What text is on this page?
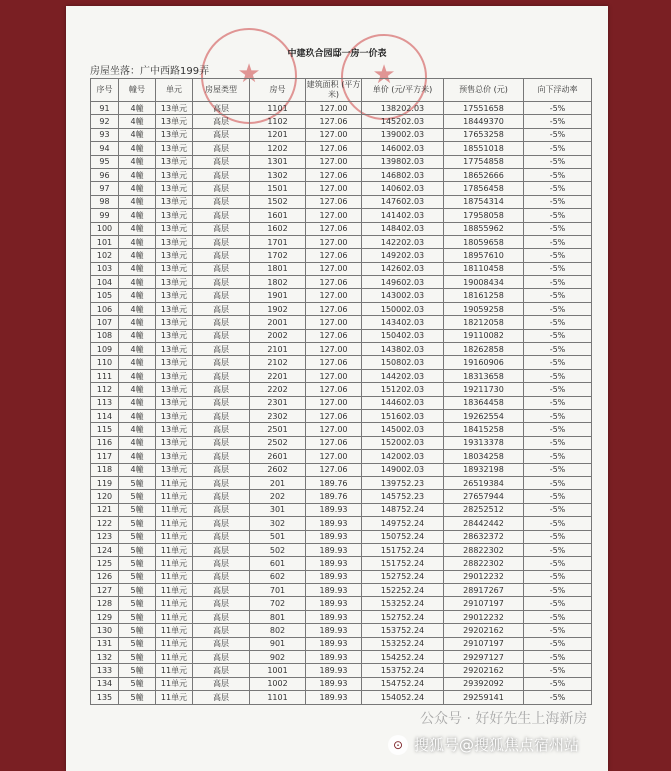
★	★
中建玖合园邸一房一价表
房屋坐落：广中西路199弄
序号	幢号	单元	房屋类型	房号	建筑面积 (平方米)	单价 (元/平方米)	预售总价 (元)	向下浮动率
91	4幢	13单元	高层	1101	127.00	138202.03	17551658	-5%
92	4幢	13单元	高层	1102	127.06	145202.03	18449370	-5%
93	4幢	13单元	高层	1201	127.00	139002.03	17653258	-5%
94	4幢	13单元	高层	1202	127.06	146002.03	18551018	-5%
95	4幢	13单元	高层	1301	127.00	139802.03	17754858	-5%
96	4幢	13单元	高层	1302	127.06	146802.03	18652666	-5%
97	4幢	13单元	高层	1501	127.00	140602.03	17856458	-5%
98	4幢	13单元	高层	1502	127.06	147602.03	18754314	-5%
99	4幢	13单元	高层	1601	127.00	141402.03	17958058	-5%
100	4幢	13单元	高层	1602	127.06	148402.03	18855962	-5%
101	4幢	13单元	高层	1701	127.00	142202.03	18059658	-5%
102	4幢	13单元	高层	1702	127.06	149202.03	18957610	-5%
103	4幢	13单元	高层	1801	127.00	142602.03	18110458	-5%
104	4幢	13单元	高层	1802	127.06	149602.03	19008434	-5%
105	4幢	13单元	高层	1901	127.00	143002.03	18161258	-5%
106	4幢	13单元	高层	1902	127.06	150002.03	19059258	-5%
107	4幢	13单元	高层	2001	127.00	143402.03	18212058	-5%
108	4幢	13单元	高层	2002	127.06	150402.03	19110082	-5%
109	4幢	13单元	高层	2101	127.00	143802.03	18262858	-5%
110	4幢	13单元	高层	2102	127.06	150802.03	19160906	-5%
111	4幢	13单元	高层	2201	127.00	144202.03	18313658	-5%
112	4幢	13单元	高层	2202	127.06	151202.03	19211730	-5%
113	4幢	13单元	高层	2301	127.00	144602.03	18364458	-5%
114	4幢	13单元	高层	2302	127.06	151602.03	19262554	-5%
115	4幢	13单元	高层	2501	127.00	145002.03	18415258	-5%
116	4幢	13单元	高层	2502	127.06	152002.03	19313378	-5%
117	4幢	13单元	高层	2601	127.00	142002.03	18034258	-5%
118	4幢	13单元	高层	2602	127.06	149002.03	18932198	-5%
119	5幢	11单元	高层	201	189.76	139752.23	26519384	-5%
120	5幢	11单元	高层	202	189.76	145752.23	27657944	-5%
121	5幢	11单元	高层	301	189.93	148752.24	28252512	-5%
122	5幢	11单元	高层	302	189.93	149752.24	28442442	-5%
123	5幢	11单元	高层	501	189.93	150752.24	28632372	-5%
124	5幢	11单元	高层	502	189.93	151752.24	28822302	-5%
125	5幢	11单元	高层	601	189.93	151752.24	28822302	-5%
126	5幢	11单元	高层	602	189.93	152752.24	29012232	-5%
127	5幢	11单元	高层	701	189.93	152252.24	28917267	-5%
128	5幢	11单元	高层	702	189.93	153252.24	29107197	-5%
129	5幢	11单元	高层	801	189.93	152752.24	29012232	-5%
130	5幢	11单元	高层	802	189.93	153752.24	29202162	-5%
131	5幢	11单元	高层	901	189.93	153252.24	29107197	-5%
132	5幢	11单元	高层	902	189.93	154252.24	29297127	-5%
133	5幢	11单元	高层	1001	189.93	153752.24	29202162	-5%
134	5幢	11单元	高层	1002	189.93	154752.24	29392092	-5%
135	5幢	11单元	高层	1101	189.93	154052.24	29259141	-5%
⊙ 搜狐号@搜狐焦点宿州站
公众号 · 好好先生上海新房
